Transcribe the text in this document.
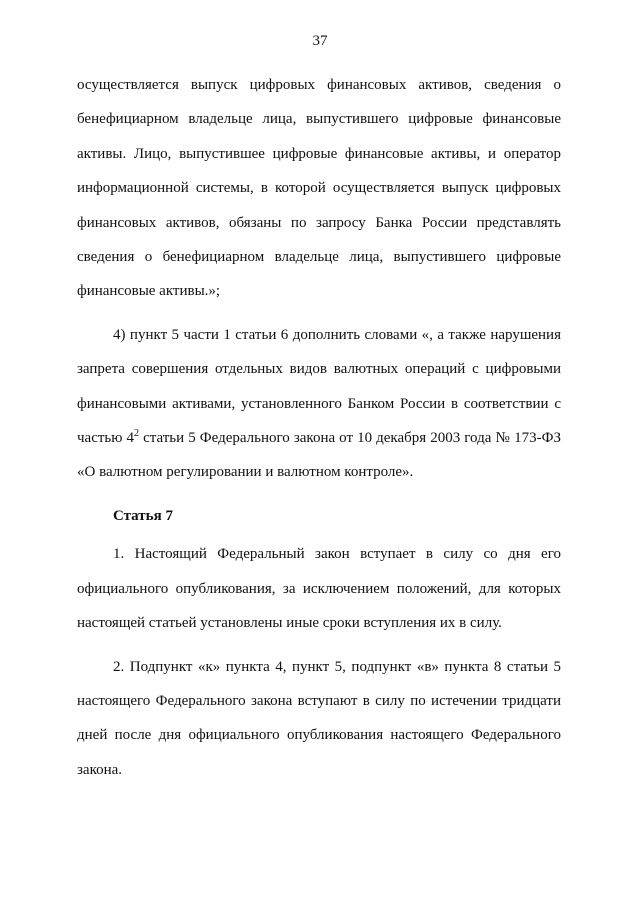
37

осуществляется выпуск цифровых финансовых активов, сведения о бенефициарном владельце лица, выпустившего цифровые финансовые активы. Лицо, выпустившее цифровые финансовые активы, и оператор информационной системы, в которой осуществляется выпуск цифровых финансовых активов, обязаны по запросу Банка России представлять сведения о бенефициарном владельце лица, выпустившего цифровые финансовые активы.»;

4) пункт 5 части 1 статьи 6 дополнить словами «, а также нарушения запрета совершения отдельных видов валютных операций с цифровыми финансовыми активами, установленного Банком России в соответствии с частью $4^2$ статьи 5 Федерального закона от 10 декабря 2003 года № 173-ФЗ «О валютном регулировании и валютном контроле».

Статья 7

1. Настоящий Федеральный закон вступает в силу со дня его официального опубликования, за исключением положений, для которых настоящей статьей установлены иные сроки вступления их в силу.

2. Подпункт «к» пункта 4, пункт 5, подпункт «в» пункта 8 статьи 5 настоящего Федерального закона вступают в силу по истечении тридцати дней после дня официального опубликования настоящего Федерального закона.
